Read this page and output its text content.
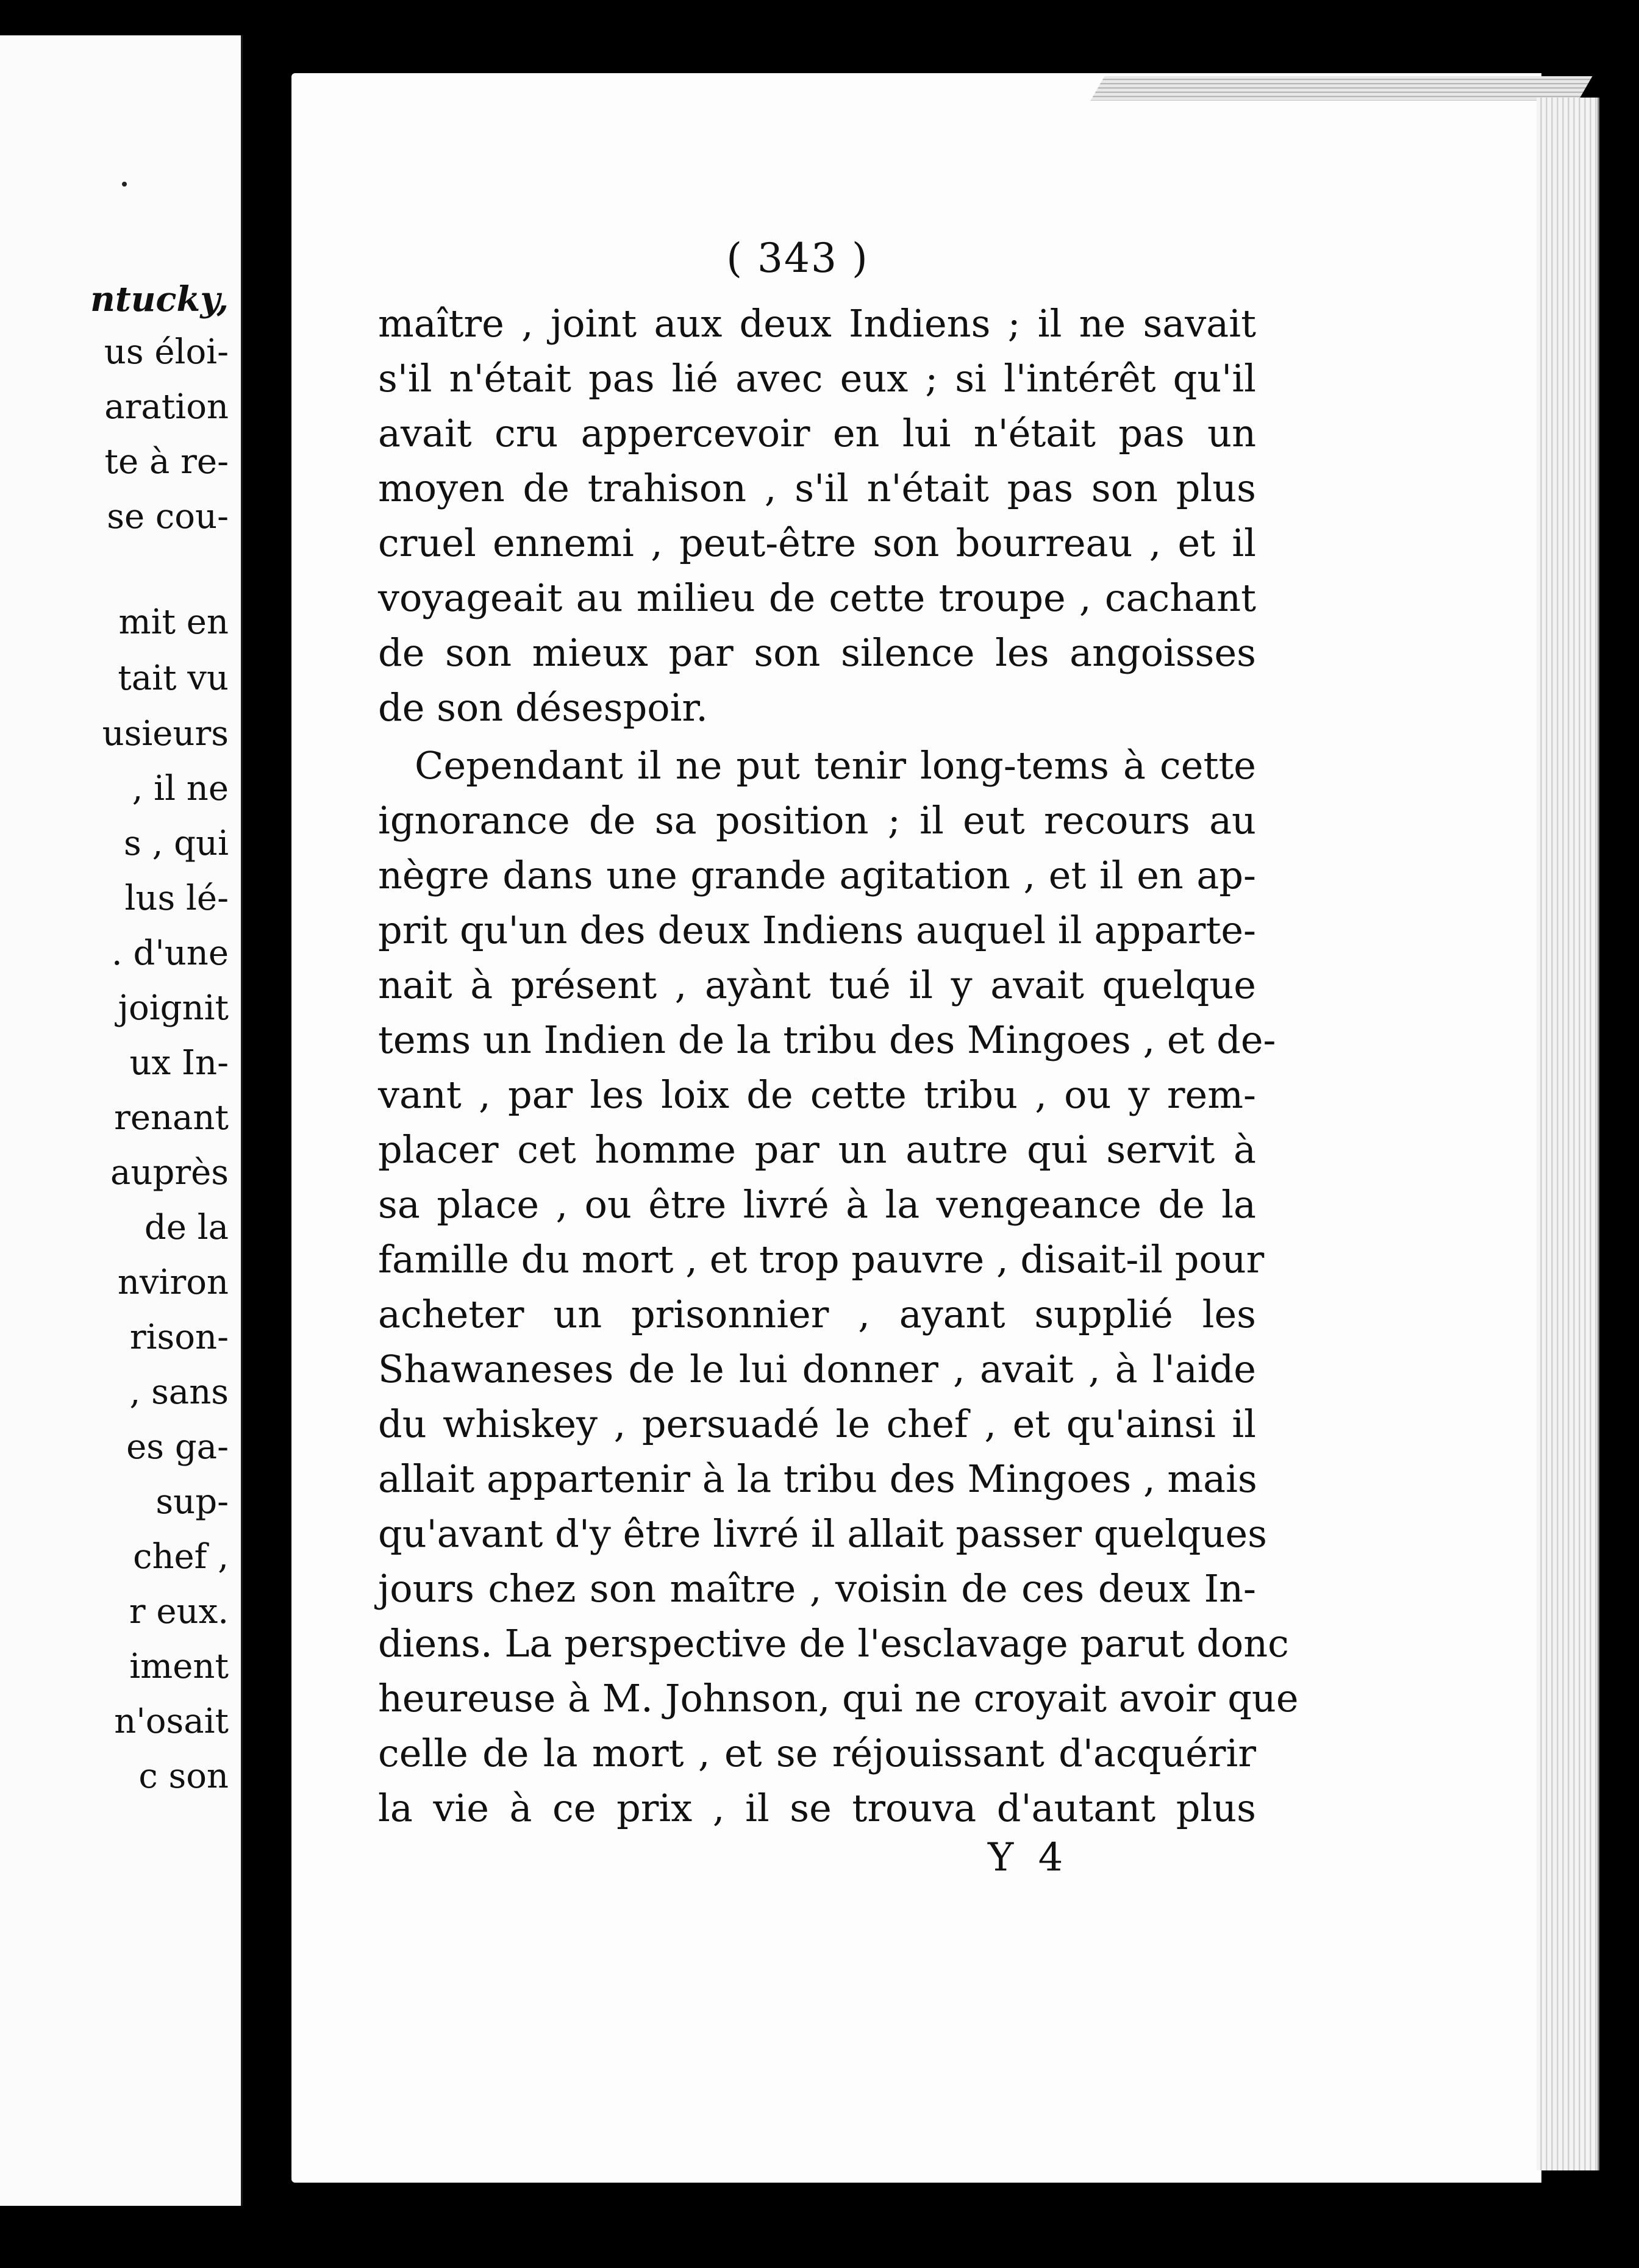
ntucky,
us éloi-
aration
te à re-
se cou-
mit en
tait vu
usieurs
, il ne
s , qui
lus lé-
. d'une
joignit
ux In-
renant
auprès
de la
nviron
rison-
, sans
es ga-
sup-
chef ,
r eux.
iment
n'osait
c son
( 343 )
maître , joint aux deux Indiens ; il ne savait
s'il n'était pas lié avec eux ; si l'intérêt qu'il
avait cru appercevoir en lui n'était pas un
moyen de trahison , s'il n'était pas son plus
cruel ennemi , peut-être son bourreau , et il
voyageait au milieu de cette troupe , cachant
de son mieux par son silence les angoisses
de son désespoir.
Cependant il ne put tenir long-tems à cette
ignorance de sa position ; il eut recours au
nègre dans une grande agitation , et il en ap-
prit qu'un des deux Indiens auquel il apparte-
nait à présent , ayànt tué il y avait quelque
tems un Indien de la tribu des Mingoes , et de-
vant , par les loix de cette tribu , ou y rem-
placer cet homme par un autre qui servit à
sa place , ou être livré à la vengeance de la
famille du mort , et trop pauvre , disait-il pour
acheter un prisonnier , ayant supplié les
Shawaneses de le lui donner , avait , à l'aide
du whiskey , persuadé le chef , et qu'ainsi il
allait appartenir à la tribu des Mingoes , mais
qu'avant d'y être livré il allait passer quelques
jours chez son maître , voisin de ces deux In-
diens. La perspective de l'esclavage parut donc
heureuse à M. Johnson, qui ne croyait avoir que
celle de la mort , et se réjouissant d'acquérir
la vie à ce prix , il se trouva d'autant plus
Y 4
